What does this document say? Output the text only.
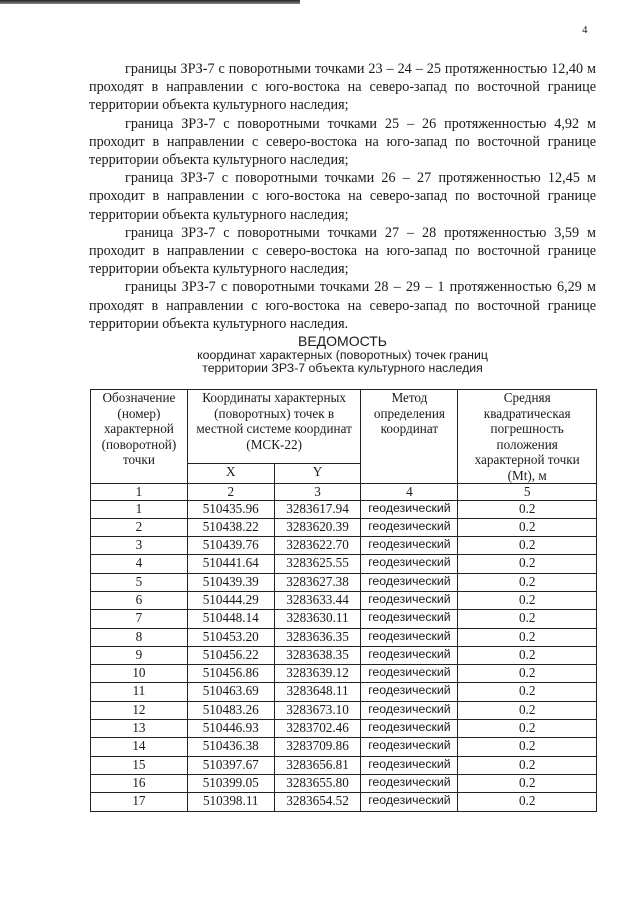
4

границы ЗРЗ-7 с поворотными точками 23 – 24 – 25 протяженностью 12,40 м проходят в направлении с юго-востока на северо-запад по восточной границе территории объекта культурного наследия;

граница ЗРЗ-7 с поворотными точками 25 – 26 протяженностью 4,92 м проходит в направлении с северо-востока на юго-запад по восточной границе территории объекта культурного наследия;

граница ЗРЗ-7 с поворотными точками 26 – 27 протяженностью 12,45 м проходит в направлении с юго-востока на северо-запад по восточной границе территории объекта культурного наследия;

граница ЗРЗ-7 с поворотными точками 27 – 28 протяженностью 3,59 м проходит в направлении с северо-востока на юго-запад по восточной границе территории объекта культурного наследия;

границы ЗРЗ-7 с поворотными точками 28 – 29 – 1 протяженностью 6,29 м проходят в направлении с юго-востока на северо-запад по восточной границе территории объекта культурного наследия.

ВЕДОМОСТЬ
координат характерных (поворотных) точек границ
территории ЗРЗ-7 объекта культурного наследия
Обозначение (номер) характерной (поворотной) точки	Координаты характерных (поворотных) точек в местной системе координат (МСК-22)		Метод определения координат	Средняя квадратическая погрешность положения характерной точки (Mt), м
	X	Y		
1	2	3	4	5
1	510435.96	3283617.94	геодезический	0.2
2	510438.22	3283620.39	геодезический	0.2
3	510439.76	3283622.70	геодезический	0.2
4	510441.64	3283625.55	геодезический	0.2
5	510439.39	3283627.38	геодезический	0.2
6	510444.29	3283633.44	геодезический	0.2
7	510448.14	3283630.11	геодезический	0.2
8	510453.20	3283636.35	геодезический	0.2
9	510456.22	3283638.35	геодезический	0.2
10	510456.86	3283639.12	геодезический	0.2
11	510463.69	3283648.11	геодезический	0.2
12	510483.26	3283673.10	геодезический	0.2
13	510446.93	3283702.46	геодезический	0.2
14	510436.38	3283709.86	геодезический	0.2
15	510397.67	3283656.81	геодезический	0.2
16	510399.05	3283655.80	геодезический	0.2
17	510398.11	3283654.52	геодезический	0.2
